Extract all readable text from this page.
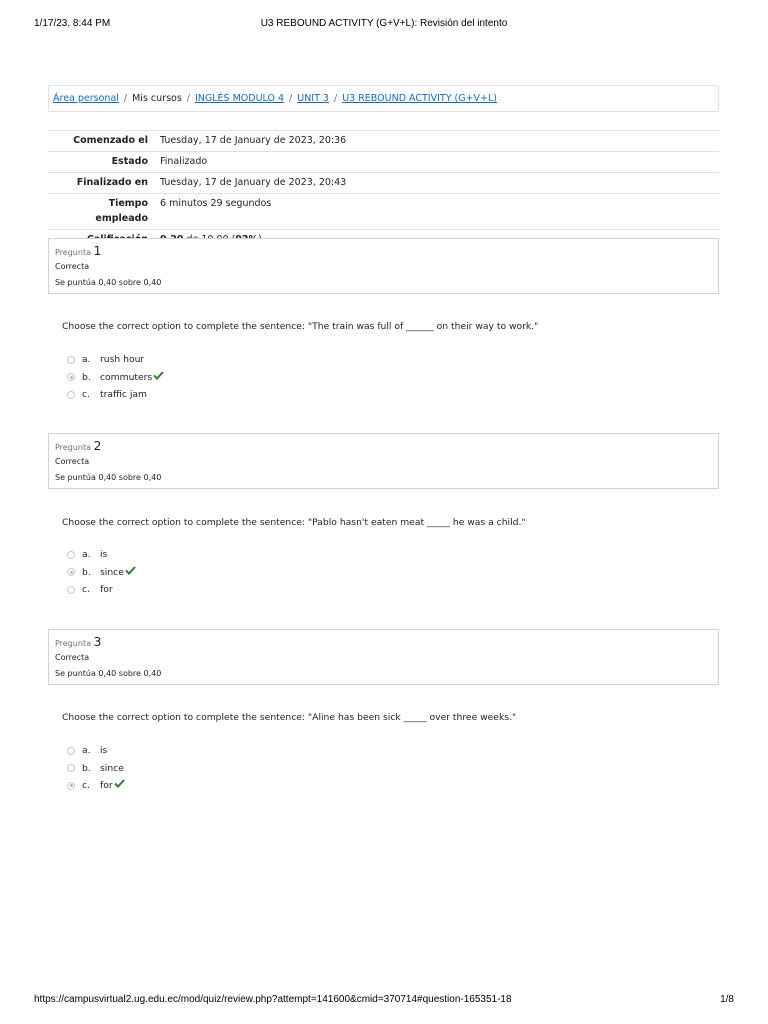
1/17/23, 8:44 PM	U3 REBOUND ACTIVITY (G+V+L): Revisión del intento
Área personal / Mis cursos / INGLÉS MODULO 4 / UNIT 3 / U3 REBOUND ACTIVITY (G+V+L)
Comenzado el	Tuesday, 17 de January de 2023, 20:36
Estado	Finalizado
Finalizado en	Tuesday, 17 de January de 2023, 20:43
Tiempo
empleado	6 minutos 29 segundos

Pregunta 1
Correcta
Se puntúa 0,40 sobre 0,40
Choose the correct option to complete the sentence: "The train was full of ______ on their way to work."
a.	rush hour
b.	commuters
c.	traffic jam
Pregunta 2
Correcta
Se puntúa 0,40 sobre 0,40
Choose the correct option to complete the sentence: "Pablo hasn't eaten meat _____ he was a child."
a.	is
b.	since
c.	for
Pregunta 3
Correcta
Se puntúa 0,40 sobre 0,40
Choose the correct option to complete the sentence: "Aline has been sick _____ over three weeks."
a.	is
b.	since
c.	for
https://campusvirtual2.ug.edu.ec/mod/quiz/review.php?attempt=141600&cmid=370714#question-165351-18	1/8
